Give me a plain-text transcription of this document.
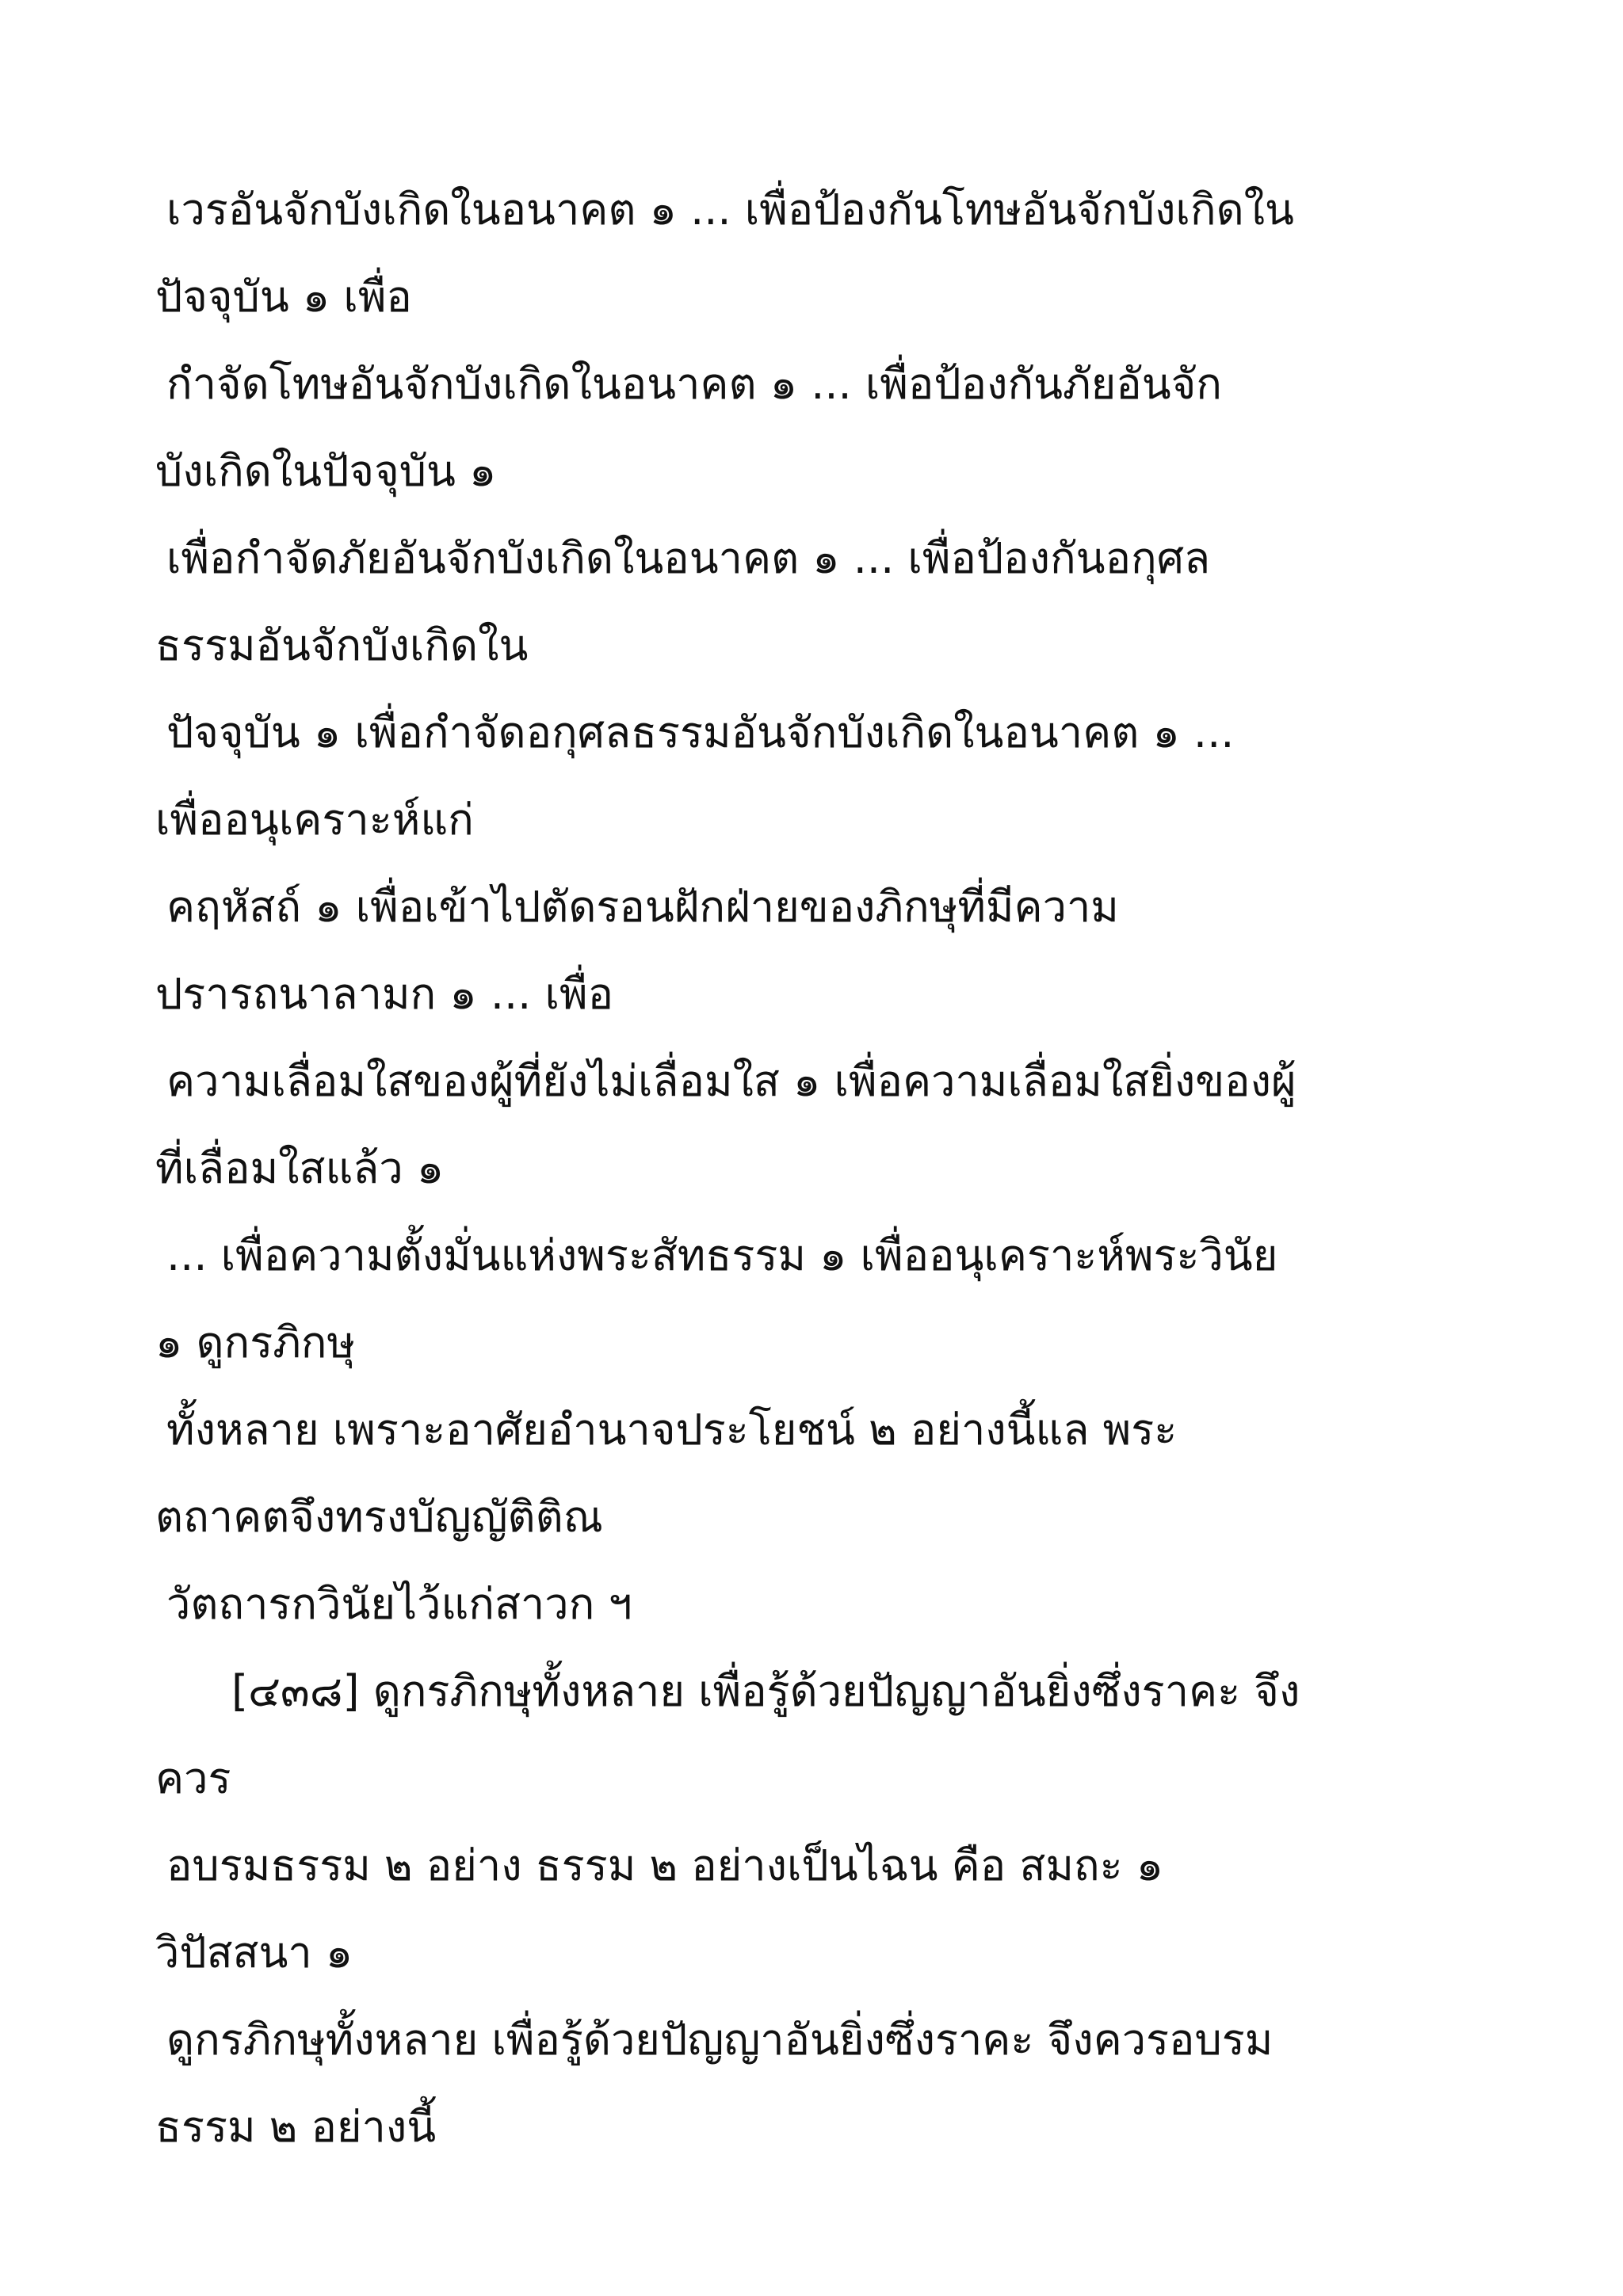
เวรอันจักบังเกิดในอนาคต ๑ ... เพื่อป้องกันโทษอันจักบังเกิดใน
ปัจจุบัน ๑ เพื่อ
กำจัดโทษอันจักบังเกิดในอนาคต ๑ ... เพื่อป้องกันภัยอันจัก
บังเกิดในปัจจุบัน ๑
เพื่อกำจัดภัยอันจักบังเกิดในอนาคต ๑ ... เพื่อป้องกันอกุศล
ธรรมอันจักบังเกิดใน
ปัจจุบัน ๑ เพื่อกำจัดอกุศลธรรมอันจักบังเกิดในอนาคต ๑ ...
เพื่ออนุเคราะห์แก่
คฤหัสถ์ ๑ เพื่อเข้าไปตัดรอนฝักฝ่ายของภิกษุที่มีความ
ปรารถนาลามก ๑ ... เพื่อ
ความเลื่อมใสของผู้ที่ยังไม่เลื่อมใส ๑ เพื่อความเลื่อมใสยิ่งของผู้
ที่เลื่อมใสแล้ว ๑
... เพื่อความตั้งมั่นแห่งพระสัทธรรม ๑ เพื่ออนุเคราะห์พระวินัย
๑ ดูกรภิกษุ
ทั้งหลาย เพราะอาศัยอำนาจประโยชน์ ๒ อย่างนี้แล พระ
ตถาคตจึงทรงบัญญัติติณ
วัตถารกวินัยไว้แก่สาวก ฯ
[๔๓๘] ดูกรภิกษุทั้งหลาย เพื่อรู้ด้วยปัญญาอันยิ่งซึ่งราคะ จึง
ควร
อบรมธรรม ๒ อย่าง ธรรม ๒ อย่างเป็นไฉน คือ สมถะ ๑
วิปัสสนา ๑
ดูกรภิกษุทั้งหลาย เพื่อรู้ด้วยปัญญาอันยิ่งซึ่งราคะ จึงควรอบรม
ธรรม ๒ อย่างนี้
